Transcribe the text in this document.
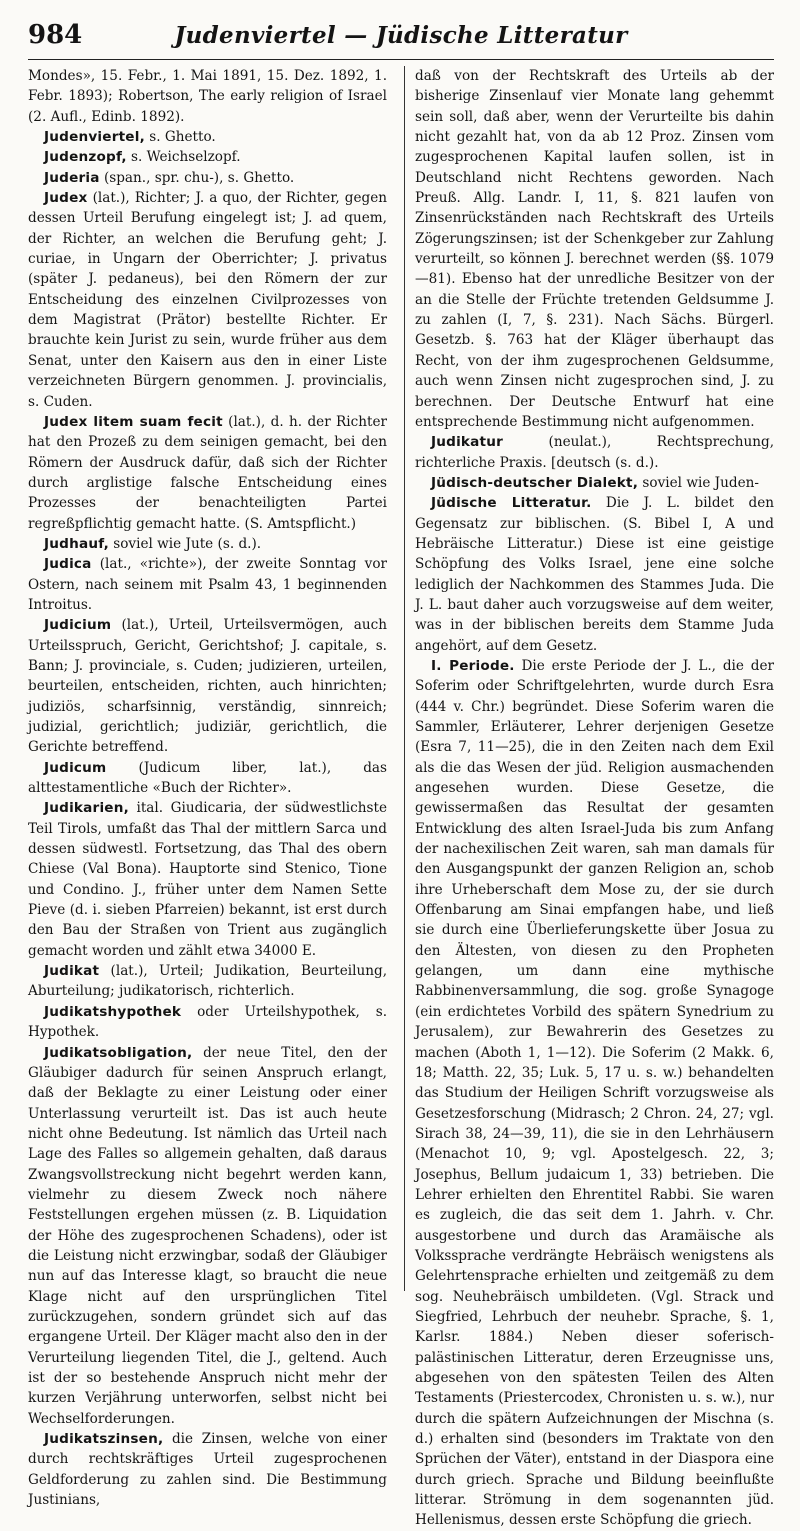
984	Judenviertel — Jüdische Litteratur

Mondes», 15. Febr., 1. Mai 1891, 15. Dez. 1892, 1. Febr. 1893); Robertson, The early religion of Israel (2. Aufl., Edinb. 1892).

Judenviertel, s. Ghetto.

Judenzopf, s. Weichselzopf.

Juderia (span., spr. chu-), s. Ghetto.

Judex (lat.), Richter; J. a quo, der Richter, gegen dessen Urteil Berufung eingelegt ist; J. ad quem, der Richter, an welchen die Berufung geht; J. curiae, in Ungarn der Oberrichter; J. privatus (später J. pedaneus), bei den Römern der zur Entscheidung des einzelnen Civilprozesses von dem Magistrat (Prätor) bestellte Richter. Er brauchte kein Jurist zu sein, wurde früher aus dem Senat, unter den Kaisern aus den in einer Liste verzeichneten Bürgern genommen. J. provincialis, s. Cuden.

Judex litem suam fecit (lat.), d. h. der Richter hat den Prozeß zu dem seinigen gemacht, bei den Römern der Ausdruck dafür, daß sich der Richter durch arglistige falsche Entscheidung eines Prozesses der benachteiligten Partei regreßpflichtig gemacht hatte. (S. Amtspflicht.)

Judhauf, soviel wie Jute (s. d.).

Judica (lat., «richte»), der zweite Sonntag vor Ostern, nach seinem mit Psalm 43, 1 beginnenden Introitus.

Judicium (lat.), Urteil, Urteilsvermögen, auch Urteilsspruch, Gericht, Gerichtshof; J. capitale, s. Bann; J. provinciale, s. Cuden; judizieren, urteilen, beurteilen, entscheiden, richten, auch hinrichten; judiziös, scharfsinnig, verständig, sinnreich; judizial, gerichtlich; judiziär, gerichtlich, die Gerichte betreffend.

Judicum (Judicum liber, lat.), das alttestamentliche «Buch der Richter».

Judikarien, ital. Giudicaria, der südwestlichste Teil Tirols, umfaßt das Thal der mittlern Sarca und dessen südwestl. Fortsetzung, das Thal des obern Chiese (Val Bona). Hauptorte sind Stenico, Tione und Condino. J., früher unter dem Namen Sette Pieve (d. i. sieben Pfarreien) bekannt, ist erst durch den Bau der Straßen von Trient aus zugänglich gemacht worden und zählt etwa 34000 E.

Judikat (lat.), Urteil; Judikation, Beurteilung, Aburteilung; judikatorisch, richterlich.

Judikatshypothek oder Urteilshypothek, s. Hypothek.

Judikatsobligation, der neue Titel, den der Gläubiger dadurch für seinen Anspruch erlangt, daß der Beklagte zu einer Leistung oder einer Unterlassung verurteilt ist. Das ist auch heute nicht ohne Bedeutung. Ist nämlich das Urteil nach Lage des Falles so allgemein gehalten, daß daraus Zwangsvollstreckung nicht begehrt werden kann, vielmehr zu diesem Zweck noch nähere Feststellungen ergehen müssen (z. B. Liquidation der Höhe des zugesprochenen Schadens), oder ist die Leistung nicht erzwingbar, sodaß der Gläubiger nun auf das Interesse klagt, so braucht die neue Klage nicht auf den ursprünglichen Titel zurückzugehen, sondern gründet sich auf das ergangene Urteil. Der Kläger macht also den in der Verurteilung liegenden Titel, die J., geltend. Auch ist der so bestehende Anspruch nicht mehr der kurzen Verjährung unterworfen, selbst nicht bei Wechselforderungen.

Judikatszinsen, die Zinsen, welche von einer durch rechtskräftiges Urteil zugesprochenen Geldforderung zu zahlen sind. Die Bestimmung Justinians,

daß von der Rechtskraft des Urteils ab der bisherige Zinsenlauf vier Monate lang gehemmt sein soll, daß aber, wenn der Verurteilte bis dahin nicht gezahlt hat, von da ab 12 Proz. Zinsen vom zugesprochenen Kapital laufen sollen, ist in Deutschland nicht Rechtens geworden. Nach Preuß. Allg. Landr. I, 11, §. 821 laufen von Zinsenrückständen nach Rechtskraft des Urteils Zögerungszinsen; ist der Schenkgeber zur Zahlung verurteilt, so können J. berechnet werden (§§. 1079—81). Ebenso hat der unredliche Besitzer von der an die Stelle der Früchte tretenden Geldsumme J. zu zahlen (I, 7, §. 231). Nach Sächs. Bürgerl. Gesetzb. §. 763 hat der Kläger überhaupt das Recht, von der ihm zugesprochenen Geldsumme, auch wenn Zinsen nicht zugesprochen sind, J. zu berechnen. Der Deutsche Entwurf hat eine entsprechende Bestimmung nicht aufgenommen.

Judikatur (neulat.), Rechtsprechung, richterliche Praxis. [deutsch (s. d.).

Jüdisch-deutscher Dialekt, soviel wie Juden-

Jüdische Litteratur. Die J. L. bildet den Gegensatz zur biblischen. (S. Bibel I, A und Hebräische Litteratur.) Diese ist eine geistige Schöpfung des Volks Israel, jene eine solche lediglich der Nachkommen des Stammes Juda. Die J. L. baut daher auch vorzugsweise auf dem weiter, was in der biblischen bereits dem Stamme Juda angehört, auf dem Gesetz.

I. Periode. Die erste Periode der J. L., die der Soferim oder Schriftgelehrten, wurde durch Esra (444 v. Chr.) begründet. Diese Soferim waren die Sammler, Erläuterer, Lehrer derjenigen Gesetze (Esra 7, 11—25), die in den Zeiten nach dem Exil als die das Wesen der jüd. Religion ausmachenden angesehen wurden. Diese Gesetze, die gewissermaßen das Resultat der gesamten Entwicklung des alten Israel-Juda bis zum Anfang der nachexilischen Zeit waren, sah man damals für den Ausgangspunkt der ganzen Religion an, schob ihre Urheberschaft dem Mose zu, der sie durch Offenbarung am Sinai empfangen habe, und ließ sie durch eine Überlieferungskette über Josua zu den Ältesten, von diesen zu den Propheten gelangen, um dann eine mythische Rabbinenversammlung, die sog. große Synagoge (ein erdichtetes Vorbild des spätern Synedrium zu Jerusalem), zur Bewahrerin des Gesetzes zu machen (Aboth 1, 1—12). Die Soferim (2 Makk. 6, 18; Matth. 22, 35; Luk. 5, 17 u. s. w.) behandelten das Studium der Heiligen Schrift vorzugsweise als Gesetzesforschung (Midrasch; 2 Chron. 24, 27; vgl. Sirach 38, 24—39, 11), die sie in den Lehrhäusern (Menachot 10, 9; vgl. Apostelgesch. 22, 3; Josephus, Bellum judaicum 1, 33) betrieben. Die Lehrer erhielten den Ehrentitel Rabbi. Sie waren es zugleich, die das seit dem 1. Jahrh. v. Chr. ausgestorbene und durch das Aramäische als Volkssprache verdrängte Hebräisch wenigstens als Gelehrtensprache erhielten und zeitgemäß zu dem sog. Neuhebräisch umbildeten. (Vgl. Strack und Siegfried, Lehrbuch der neuhebr. Sprache, §. 1, Karlsr. 1884.) Neben dieser soferisch-palästinischen Litteratur, deren Erzeugnisse uns, abgesehen von den spätesten Teilen des Alten Testaments (Priestercodex, Chronisten u. s. w.), nur durch die spätern Aufzeichnungen der Mischna (s. d.) erhalten sind (besonders im Traktate von den Sprüchen der Väter), entstand in der Diaspora eine durch griech. Sprache und Bildung beeinflußte litterar. Strömung in dem sogenannten jüd. Hellenismus, dessen erste Schöpfung die griech.
